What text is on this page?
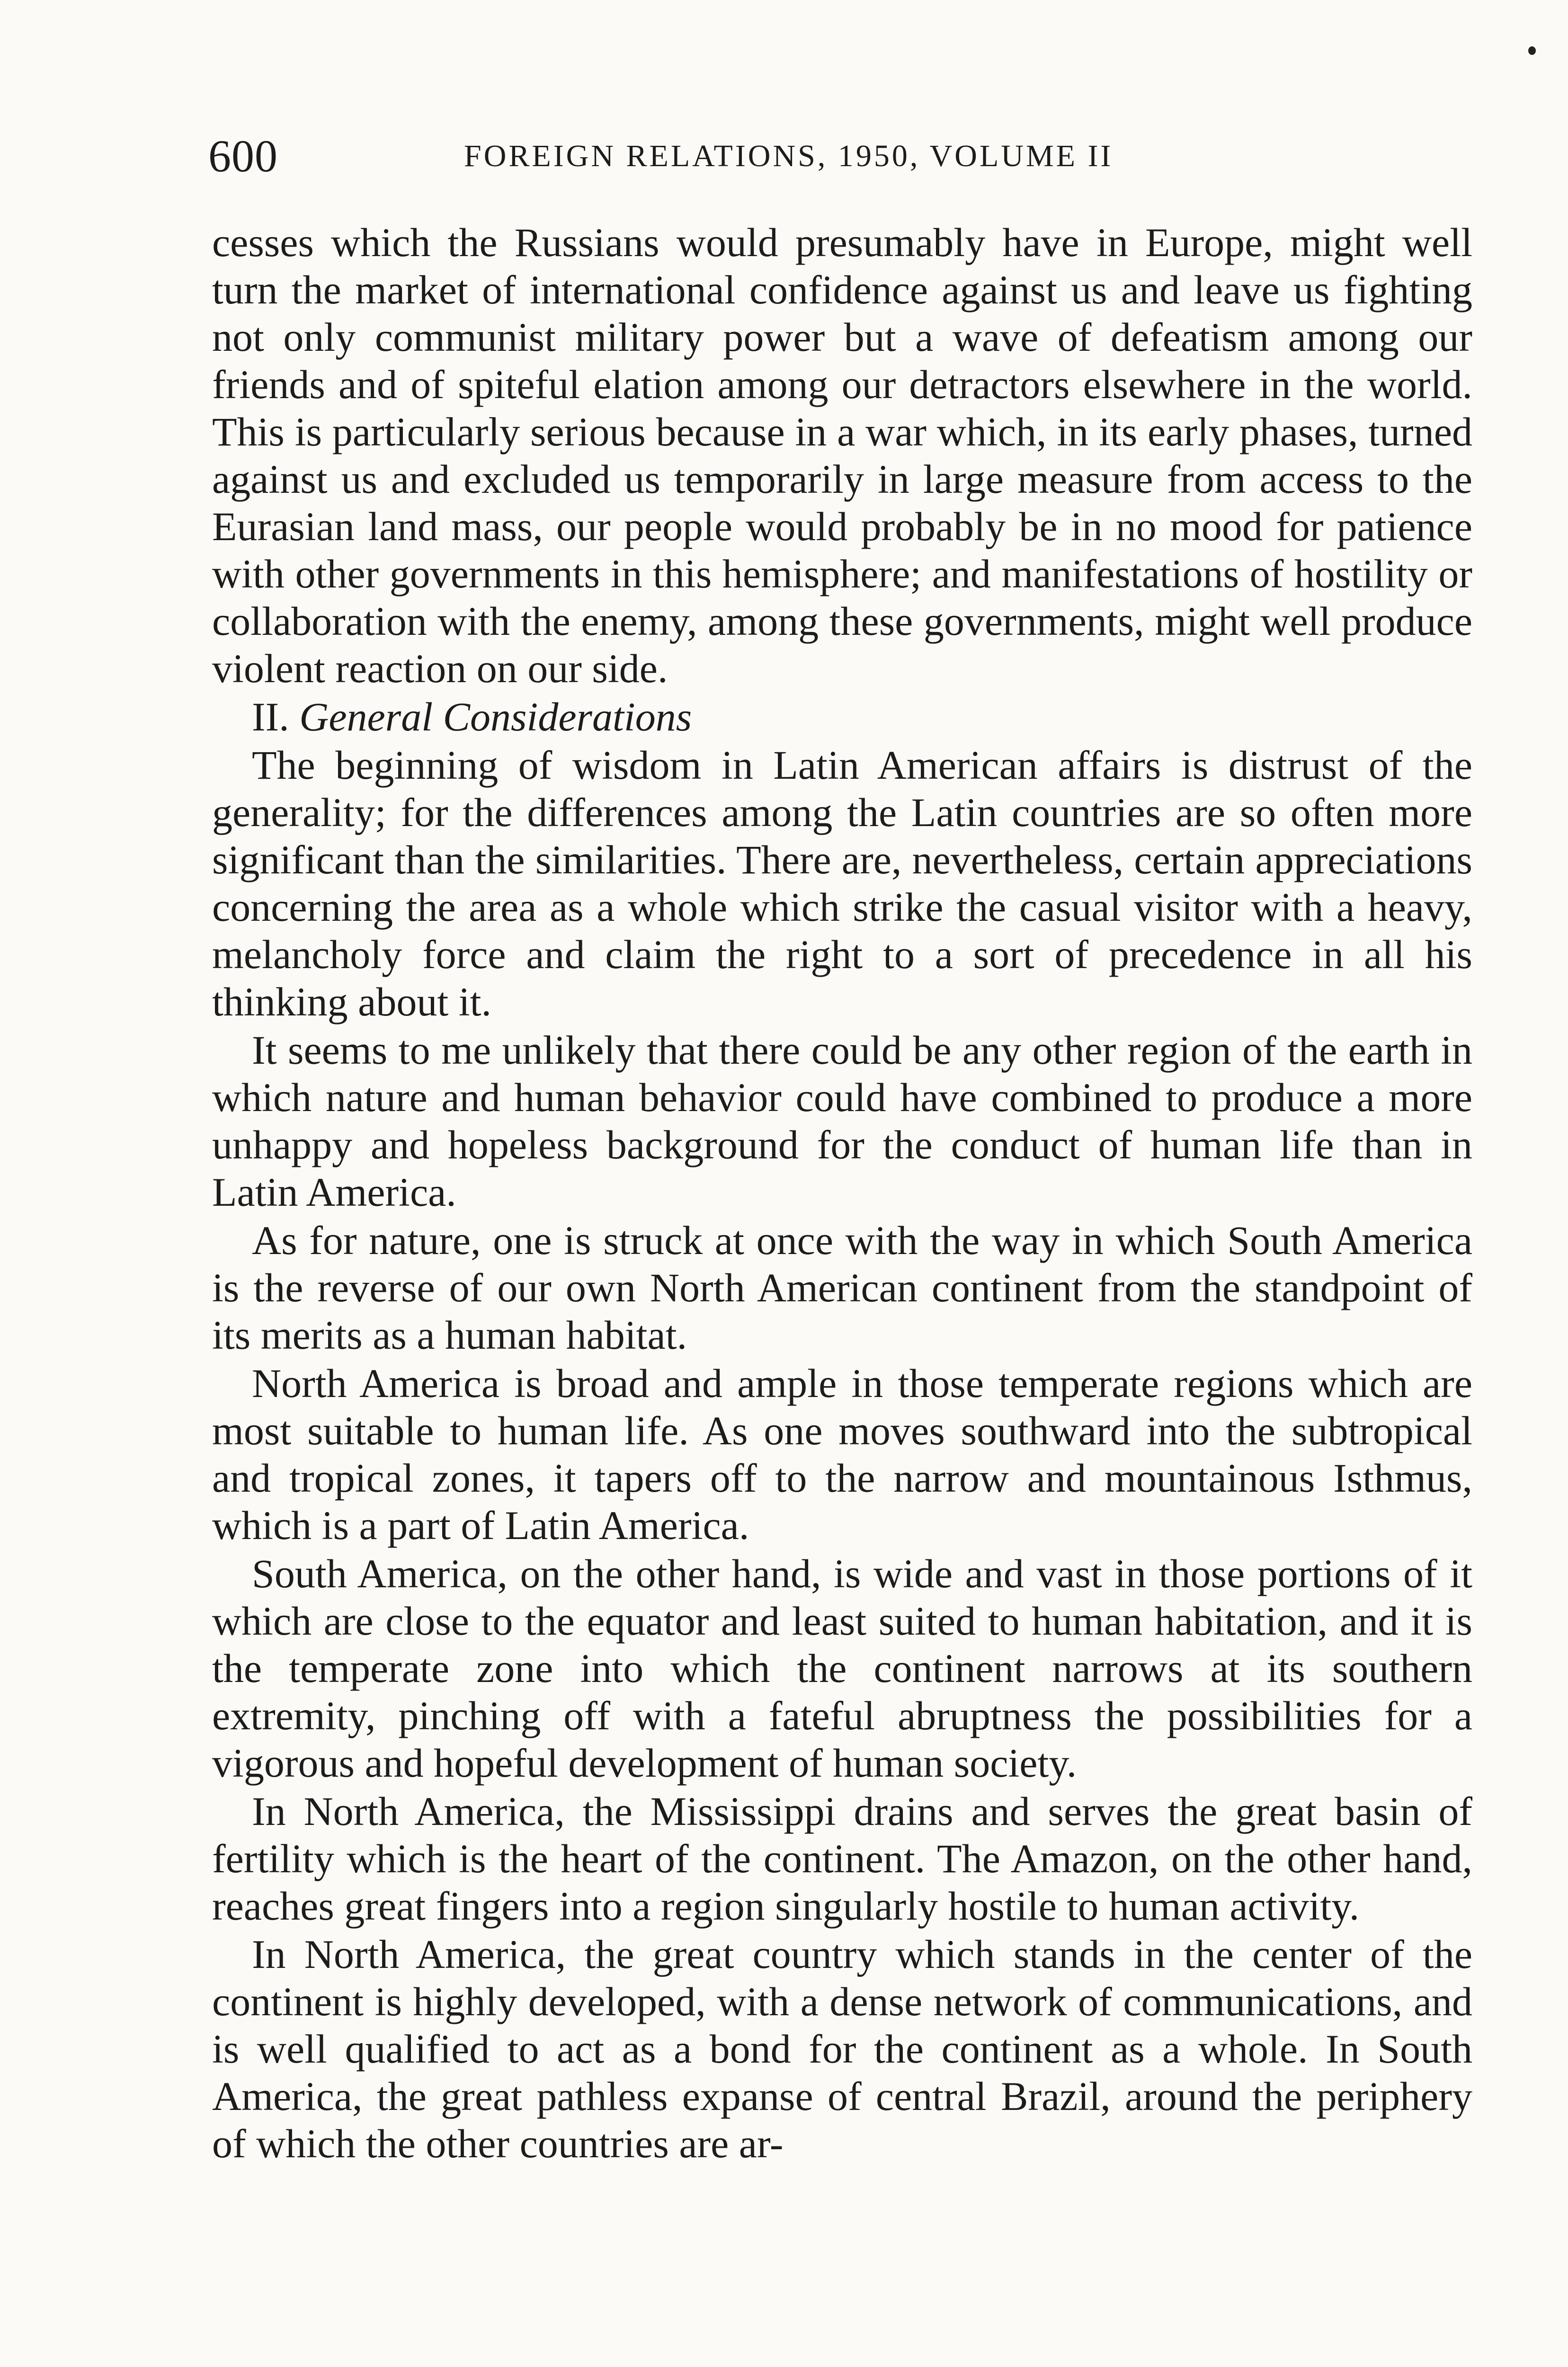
600	FOREIGN RELATIONS, 1950, VOLUME II

cesses which the Russians would presumably have in Europe, might well turn the market of international confidence against us and leave us fighting not only communist military power but a wave of defeatism among our friends and of spiteful elation among our detractors elsewhere in the world. This is particularly serious because in a war which, in its early phases, turned against us and excluded us temporarily in large measure from access to the Eurasian land mass, our people would probably be in no mood for patience with other governments in this hemisphere; and manifestations of hostility or collaboration with the enemy, among these governments, might well produce violent reaction on our side.

II. General Considerations

The beginning of wisdom in Latin American affairs is distrust of the generality; for the differences among the Latin countries are so often more significant than the similarities. There are, nevertheless, certain appreciations concerning the area as a whole which strike the casual visitor with a heavy, melancholy force and claim the right to a sort of precedence in all his thinking about it.

It seems to me unlikely that there could be any other region of the earth in which nature and human behavior could have combined to produce a more unhappy and hopeless background for the conduct of human life than in Latin America.

As for nature, one is struck at once with the way in which South America is the reverse of our own North American continent from the standpoint of its merits as a human habitat.

North America is broad and ample in those temperate regions which are most suitable to human life. As one moves southward into the subtropical and tropical zones, it tapers off to the narrow and mountainous Isthmus, which is a part of Latin America.

South America, on the other hand, is wide and vast in those portions of it which are close to the equator and least suited to human habitation, and it is the temperate zone into which the continent narrows at its southern extremity, pinching off with a fateful abruptness the possibilities for a vigorous and hopeful development of human society.

In North America, the Mississippi drains and serves the great basin of fertility which is the heart of the continent. The Amazon, on the other hand, reaches great fingers into a region singularly hostile to human activity.

In North America, the great country which stands in the center of the continent is highly developed, with a dense network of communications, and is well qualified to act as a bond for the continent as a whole. In South America, the great pathless expanse of central Brazil, around the periphery of which the other countries are ar-
